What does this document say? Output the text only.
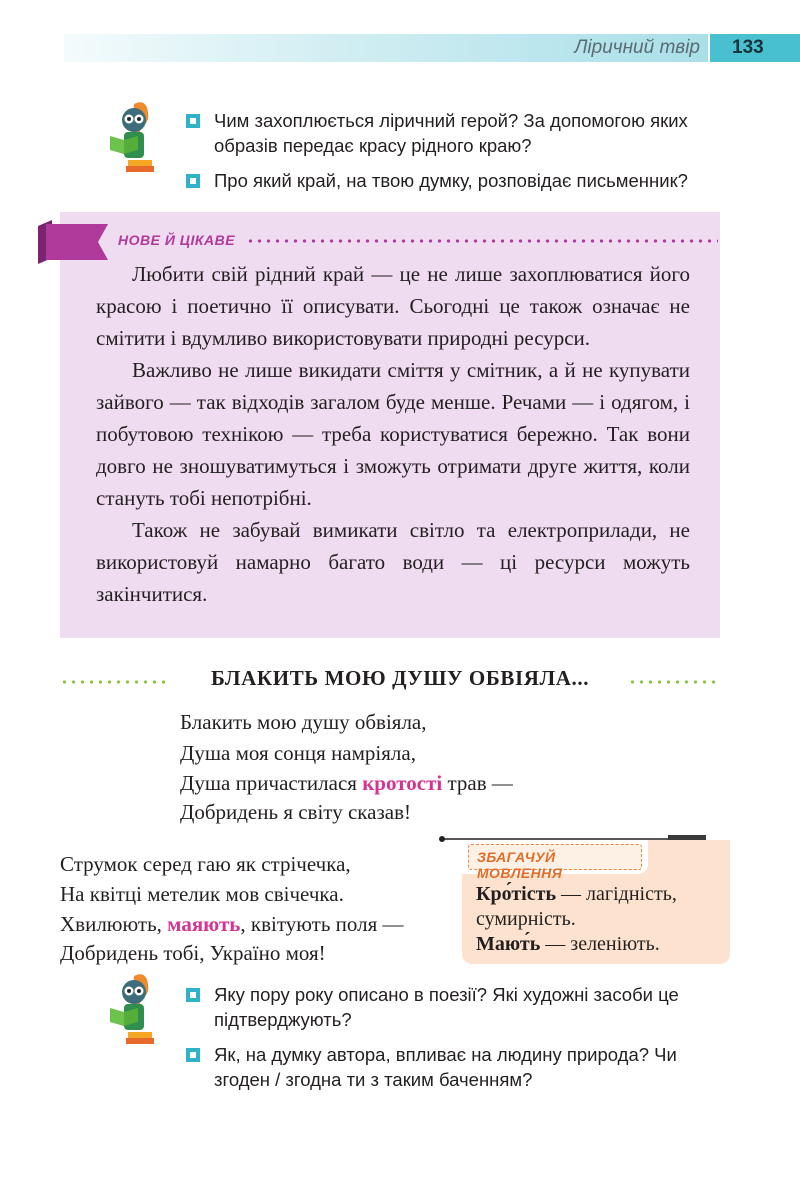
Ліричний твір	133
Чим захоплюється ліричний герой? За допомогою яких образів передає красу рідного краю?
Про який край, на твою думку, розповідає письменник?
НОВЕ Й ЦІКАВЕ

Любити свій рідний край — це не лише захоплюватися його красою і поетично її описувати. Сьогодні це також означає не смітити і вдумливо використовувати природні ресурси.

Важливо не лише викидати сміття у смітник, а й не купувати зайвого — так відходів загалом буде менше. Речами — і одягом, і побутовою технікою — треба користуватися бережно. Так вони довго не зношуватимуться і зможуть отримати друге життя, коли стануть тобі непотрібні.

Також не забувай вимикати світло та електроприлади, не використовуй намарно багато води — ці ресурси можуть закінчитися.

БЛАКИТЬ МОЮ ДУШУ ОБВІЯЛА...
Блакить мою душу обвіяла,
Душа моя сонця намріяла,
Душа причастилася кротості трав —
Добридень я світу сказав!
Струмок серед гаю як стрічечка,
На квітці метелик мов свічечка.
Хвилюють, маяють, квітують поля —
Добридень тобі, Україно моя!
ЗБАГАЧУЙ МОВЛЕННЯ
Кро́тість — лагідність,
сумирність.
Мают́ь — зеленіють.
Яку пору року описано в поезії? Які художні засоби це підтверджують?
Як, на думку автора, впливає на людину природа? Чи згоден / згодна ти з таким баченням?
